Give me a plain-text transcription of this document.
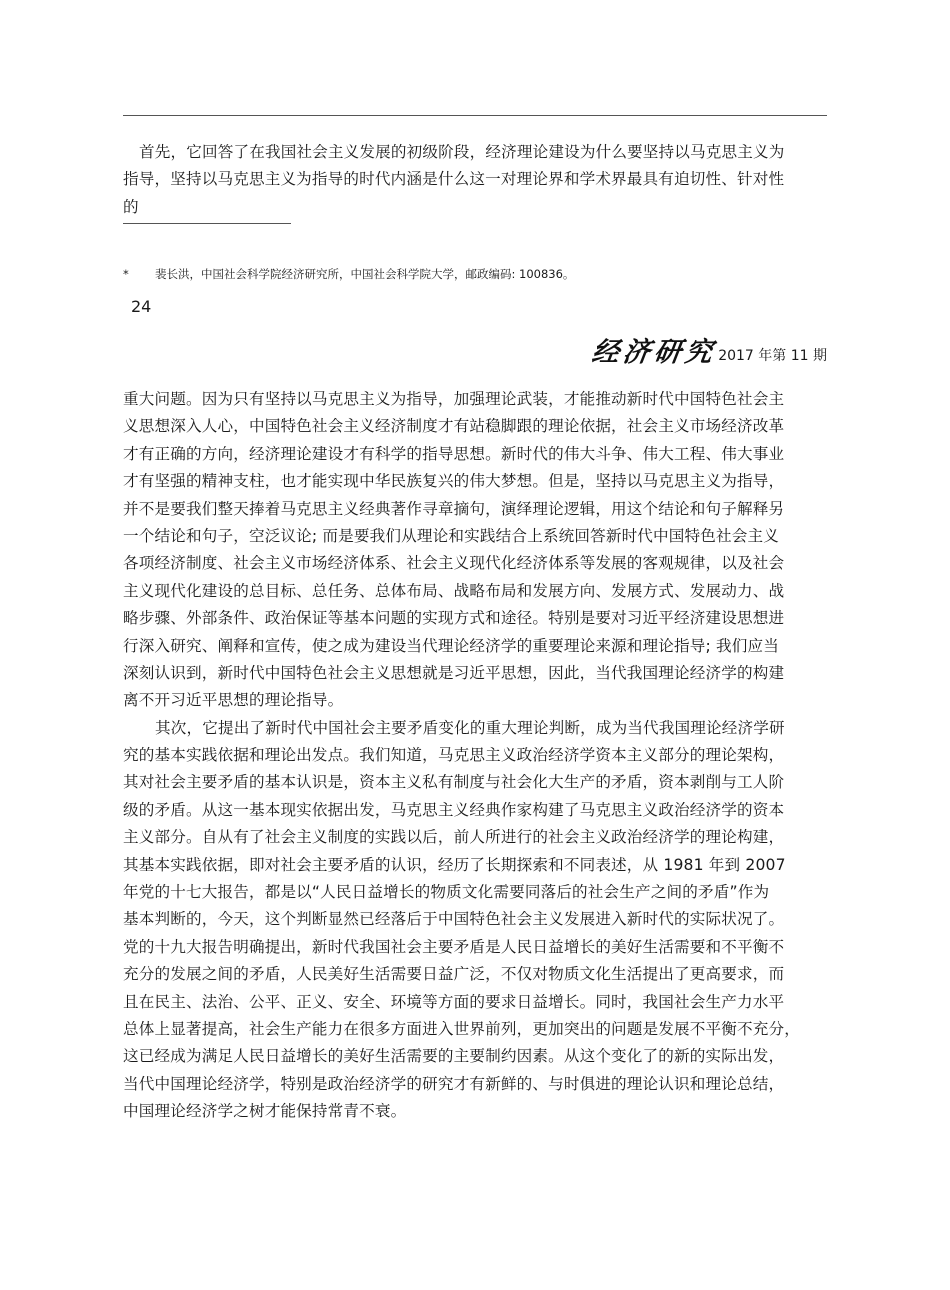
首先，它回答了在我国社会主义发展的初级阶段，经济理论建设为什么要坚持以马克思主义为
指导，坚持以马克思主义为指导的时代内涵是什么这一对理论界和学术界最具有迫切性、针对性
的
* 裴长洪，中国社会科学院经济研究所，中国社会科学院大学，邮政编码: 100836。
24
经济研究 2017 年第 11 期
重大问题。因为只有坚持以马克思主义为指导，加强理论武装，才能推动新时代中国特色社会主
义思想深入人心，中国特色社会主义经济制度才有站稳脚跟的理论依据，社会主义市场经济改革
才有正确的方向，经济理论建设才有科学的指导思想。新时代的伟大斗争、伟大工程、伟大事业
才有坚强的精神支柱，也才能实现中华民族复兴的伟大梦想。但是，坚持以马克思主义为指导，
并不是要我们整天捧着马克思主义经典著作寻章摘句，演绎理论逻辑，用这个结论和句子解释另
一个结论和句子，空泛议论; 而是要我们从理论和实践结合上系统回答新时代中国特色社会主义
各项经济制度、社会主义市场经济体系、社会主义现代化经济体系等发展的客观规律，以及社会
主义现代化建设的总目标、总任务、总体布局、战略布局和发展方向、发展方式、发展动力、战
略步骤、外部条件、政治保证等基本问题的实现方式和途径。特别是要对习近平经济建设思想进
行深入研究、阐释和宣传，使之成为建设当代理论经济学的重要理论来源和理论指导; 我们应当
深刻认识到，新时代中国特色社会主义思想就是习近平思想，因此，当代我国理论经济学的构建
离不开习近平思想的理论指导。
其次，它提出了新时代中国社会主要矛盾变化的重大理论判断，成为当代我国理论经济学研
究的基本实践依据和理论出发点。我们知道，马克思主义政治经济学资本主义部分的理论架构，
其对社会主要矛盾的基本认识是，资本主义私有制度与社会化大生产的矛盾，资本剥削与工人阶
级的矛盾。从这一基本现实依据出发，马克思主义经典作家构建了马克思主义政治经济学的资本
主义部分。自从有了社会主义制度的实践以后，前人所进行的社会主义政治经济学的理论构建，
其基本实践依据，即对社会主要矛盾的认识，经历了长期探索和不同表述，从 1981 年到 2007
年党的十七大报告，都是以“人民日益增长的物质文化需要同落后的社会生产之间的矛盾”作为
基本判断的，今天，这个判断显然已经落后于中国特色社会主义发展进入新时代的实际状况了。
党的十九大报告明确提出，新时代我国社会主要矛盾是人民日益增长的美好生活需要和不平衡不
充分的发展之间的矛盾，人民美好生活需要日益广泛，不仅对物质文化生活提出了更高要求，而
且在民主、法治、公平、正义、安全、环境等方面的要求日益增长。同时，我国社会生产力水平
总体上显著提高，社会生产能力在很多方面进入世界前列，更加突出的问题是发展不平衡不充分，
这已经成为满足人民日益增长的美好生活需要的主要制约因素。从这个变化了的新的实际出发，
当代中国理论经济学，特别是政治经济学的研究才有新鲜的、与时俱进的理论认识和理论总结，
中国理论经济学之树才能保持常青不衰。
